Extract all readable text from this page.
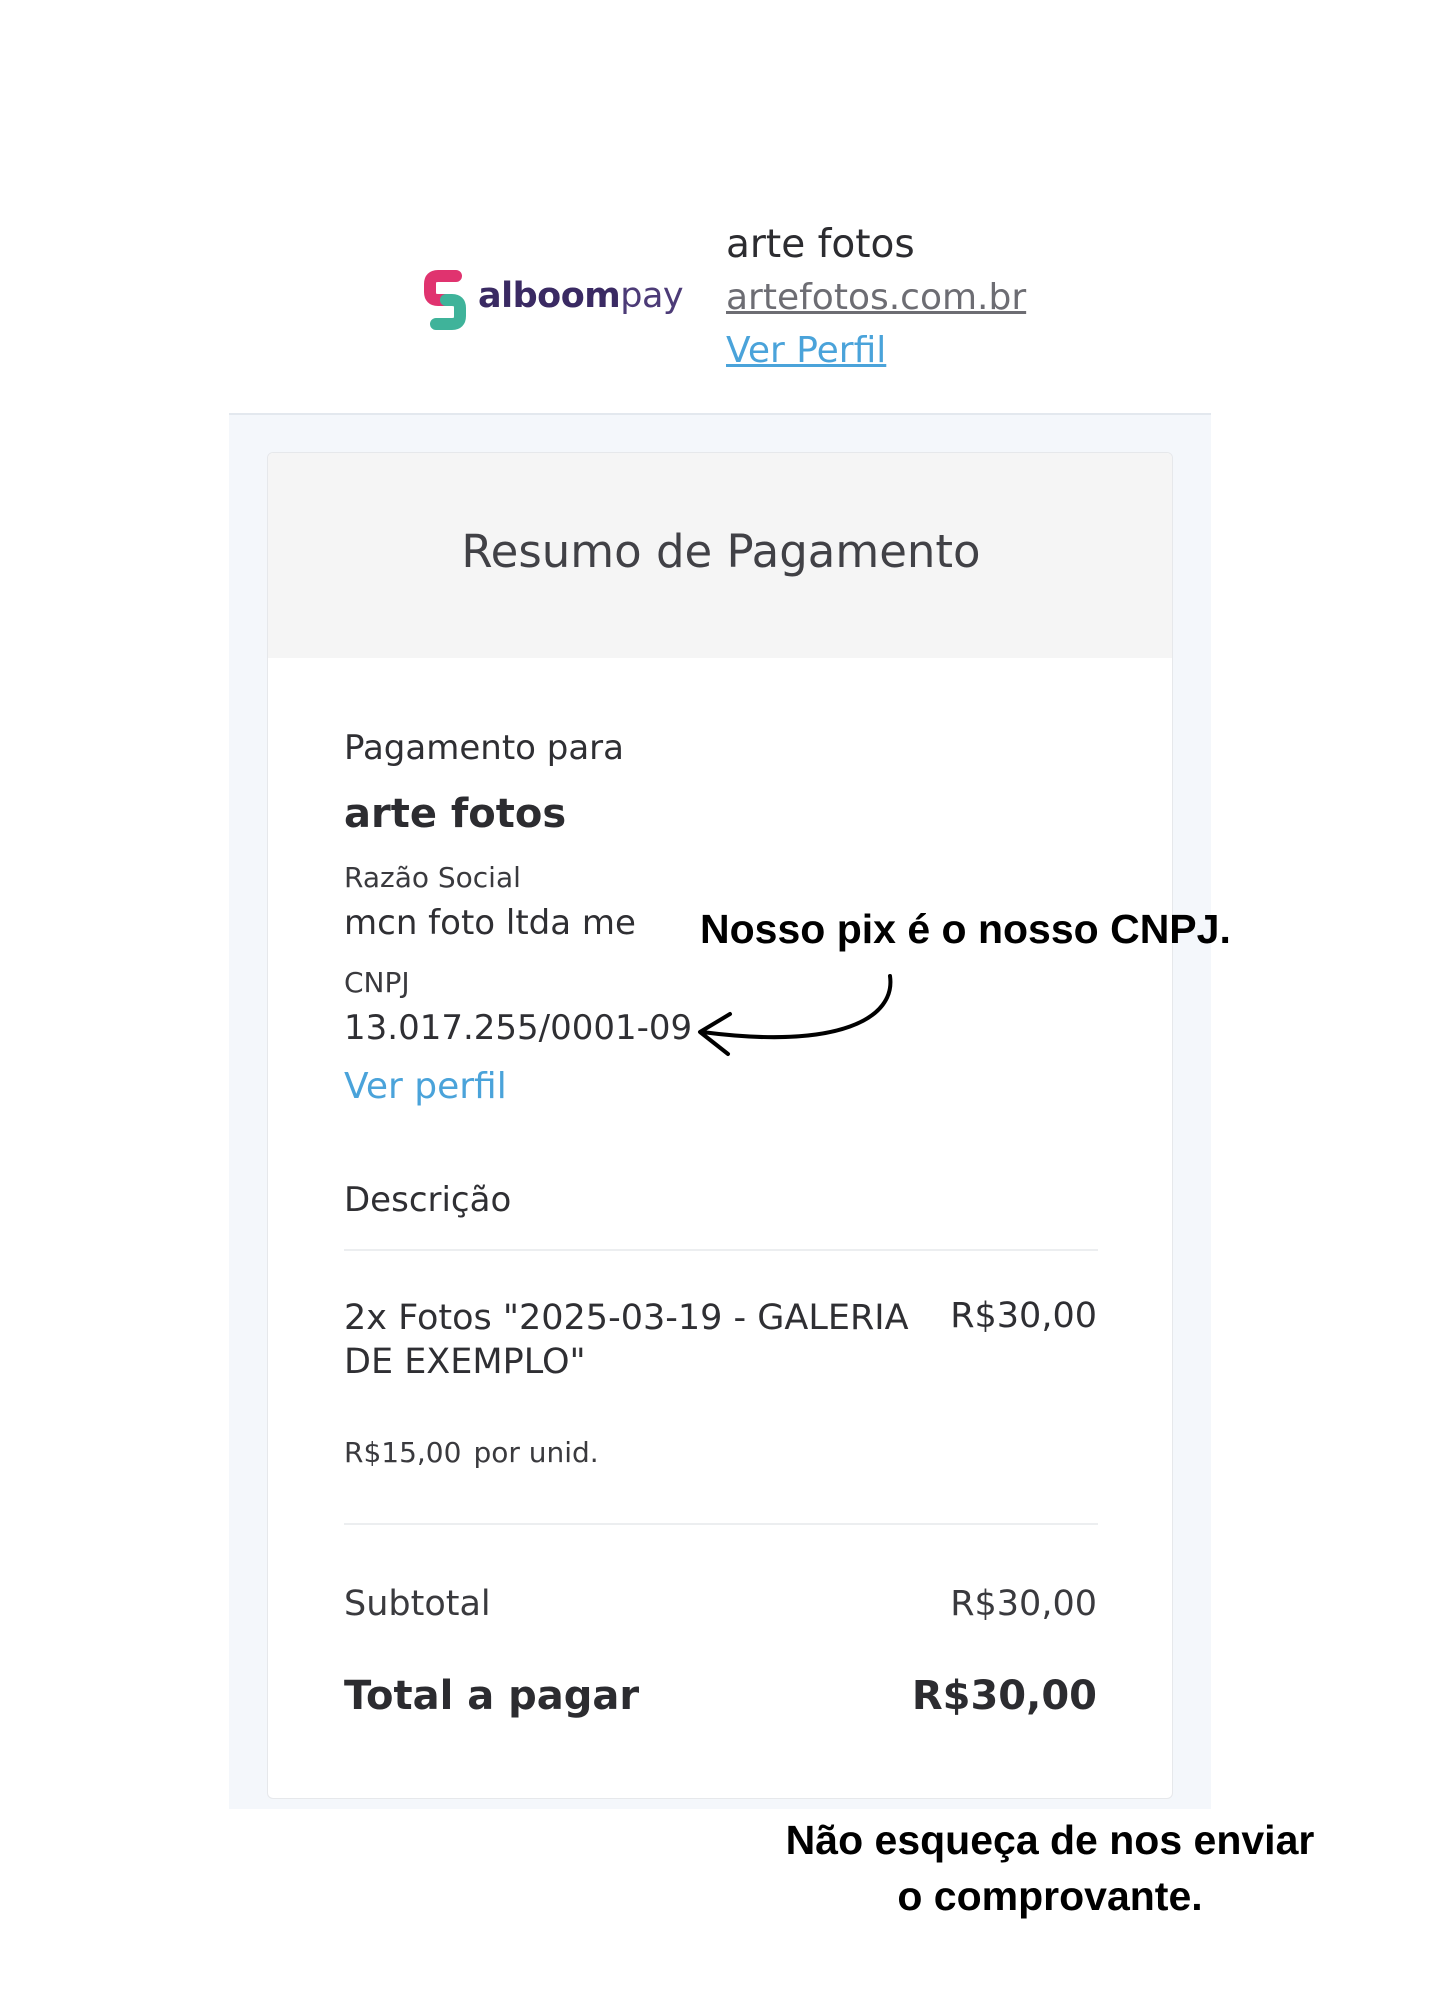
alboompay
arte fotos
artefotos.com.br
Ver Perfil
Resumo de Pagamento
Pagamento para
arte fotos
Razão Social
mcn foto ltda me
CNPJ
13.017.255/0001-09
Ver perfil
Descrição
2x Fotos "2025-03-19 - GALERIA DE EXEMPLO"
R$30,00
R$15,00 por unid.
Subtotal	R$30,00
Total a pagar	R$30,00
Nosso pix é o nosso CNPJ.
Não esqueça de nos enviar
o comprovante.
